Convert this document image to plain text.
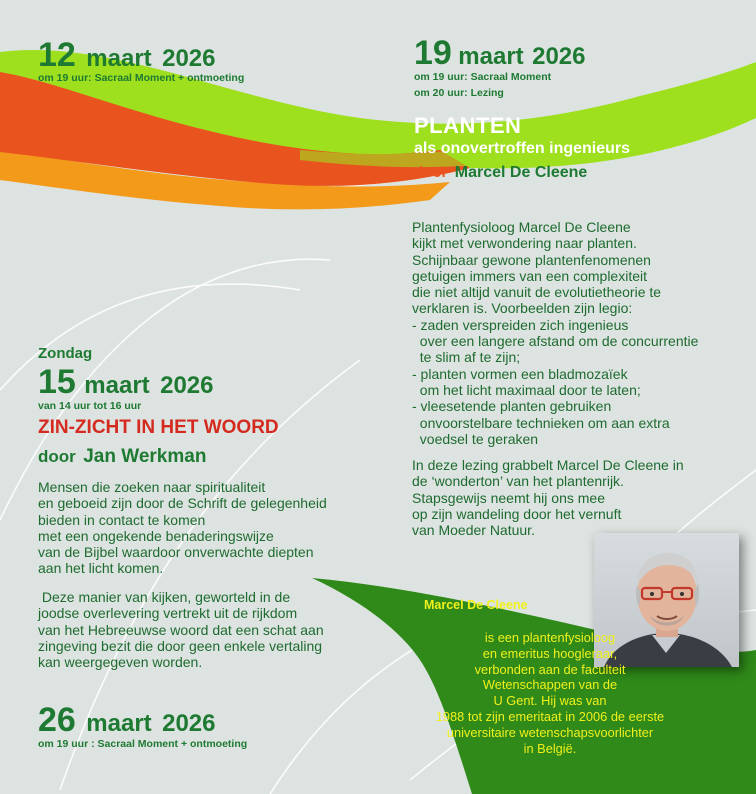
12 maart 2026
om 19 uur: Sacraal Moment + ontmoeting
19 maart 2026
om 19 uur: Sacraal Moment
om 20 uur: Lezing
PLANTEN
als onovertroffen ingenieurs
door Marcel De Cleene
Plantenfysioloog Marcel De Cleene
kijkt met verwondering naar planten.
Schijnbaar gewone plantenfenomenen
getuigen immers van een complexiteit
die niet altijd vanuit de evolutietheorie te
verklaren is. Voorbeelden zijn legio:
- zaden verspreiden zich ingenieus
over een langere afstand om de concurrentie
te slim af te zijn;
- planten vormen een bladmozaïek
om het licht maximaal door te laten;
- vleesetende planten gebruiken
onvoorstelbare technieken om aan extra
voedsel te geraken
In deze lezing grabbelt Marcel De Cleene in
de ‘wonderton’ van het plantenrijk.
Stapsgewijs neemt hij ons mee
op zijn wandeling door het vernuft
van Moeder Natuur.
Marcel De Cleene
is een plantenfysioloog
en emeritus hoogleraar,
verbonden aan de faculteit
Wetenschappen van de
U Gent. Hij was van
1988 tot zijn emeritaat in 2006 de eerste
universitaire wetenschapsvoorlichter
in België.
Zondag
15 maart 2026
van 14 uur tot 16 uur
ZIN-ZICHT IN HET WOORD
door Jan Werkman
Mensen die zoeken naar spiritualiteit
en geboeid zijn door de Schrift de gelegenheid
bieden in contact te komen
met een ongekende benaderingswijze
van de Bijbel waardoor onverwachte diepten
aan het licht komen.
Deze manier van kijken, geworteld in de
joodse overlevering vertrekt uit de rijkdom
van het Hebreeuwse woord dat een schat aan
zingeving bezit die door geen enkele vertaling
kan weergegeven worden.
26 maart 2026
om 19 uur : Sacraal Moment + ontmoeting
